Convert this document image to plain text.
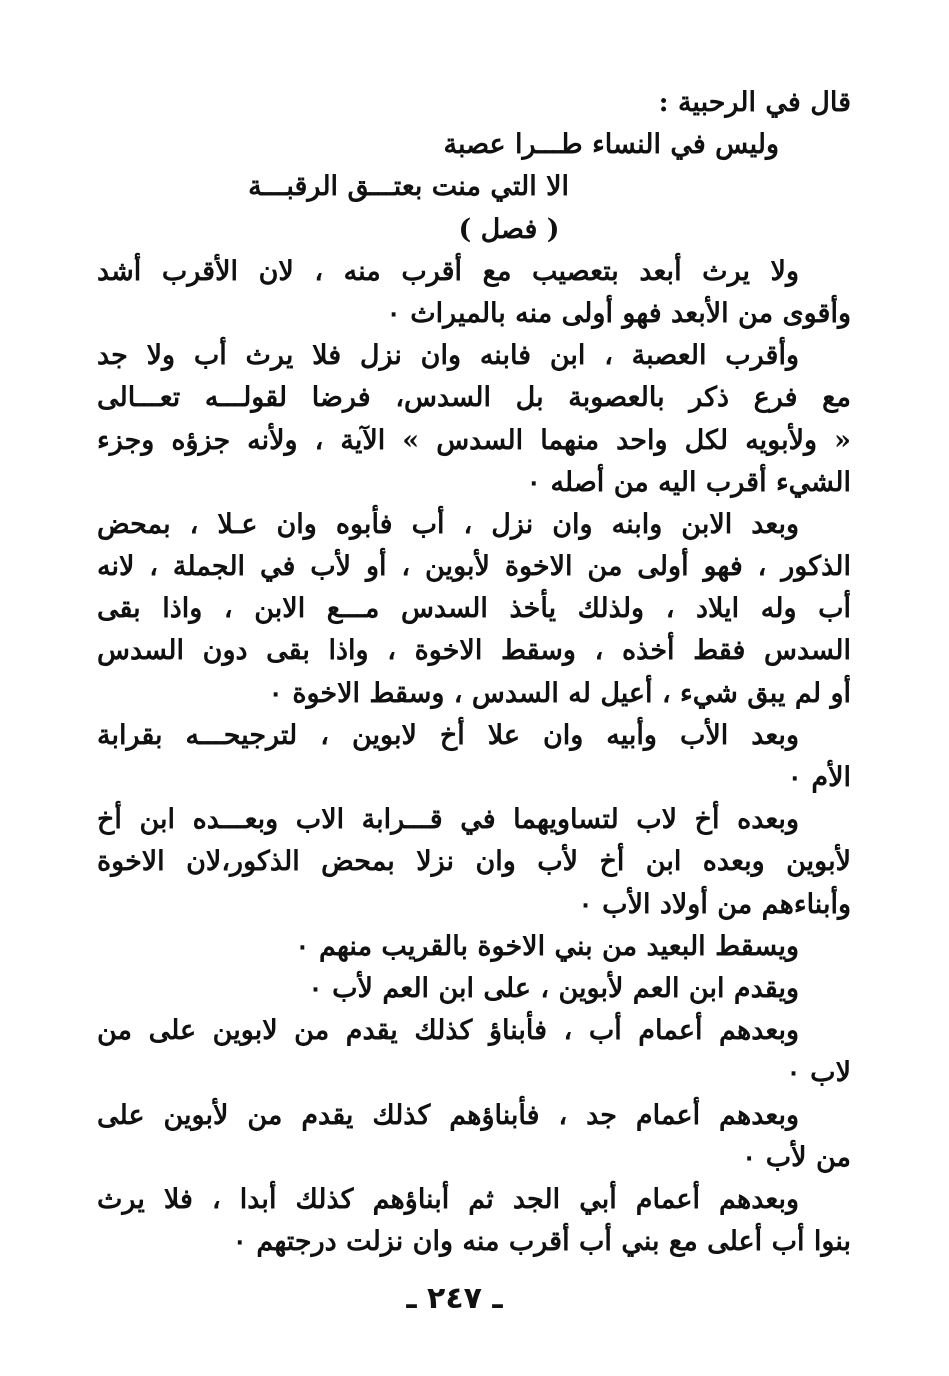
قال في الرحبية :
وليس في النساء طـــرا عصبة
الا التي منت بعتـــق الرقبـــة
( فصل )
ولا يرث أبعد بتعصيب مع أقرب منه ، لان الأقرب أشد
وأقوى من الأبعد فهو أولى منه بالميراث ٠
وأقرب العصبة ، ابن فابنه وان نزل فلا يرث أب ولا جد
مع فرع ذكر بالعصوبة بل السدس، فرضا لقولـــه تعـــالى
« ولأبويه لكل واحد منهما السدس » الآية ، ولأنه جزؤه وجزء
الشيء أقرب اليه من أصله ٠
وبعد الابن وابنه وان نزل ، أب فأبوه وان عـلا ، بمحض
الذكور ، فهو أولى من الاخوة لأبوين ، أو لأب في الجملة ، لانه
أب وله ايلاد ، ولذلك يأخذ السدس مـــع الابن ، واذا بقى
السدس فقط أخذه ، وسقط الاخوة ، واذا بقى دون السدس
أو لم يبق شيء ، أعيل له السدس ، وسقط الاخوة ٠
وبعد الأب وأبيه وان علا أخ لابوين ، لترجيحـــه بقرابة
الأم ٠
وبعده أخ لاب لتساويهما في قـــرابة الاب وبعـــده ابن أخ
لأبوين وبعده ابن أخ لأب وان نزلا بمحض الذكور،لان الاخوة
وأبناءهم من أولاد الأب ٠
ويسقط البعيد من بني الاخوة بالقريب منهم ٠
ويقدم ابن العم لأبوين ، على ابن العم لأب ٠
وبعدهم أعمام أب ، فأبناؤ كذلك يقدم من لابوين على من
لاب ٠
وبعدهم أعمام جد ، فأبناؤهم كذلك يقدم من لأبوين على
من لأب ٠
وبعدهم أعمام أبي الجد ثم أبناؤهم كذلك أبدا ، فلا يرث
بنوا أب أعلى مع بني أب أقرب منه وان نزلت درجتهم ٠
ـ ٢٤٧ ـ
